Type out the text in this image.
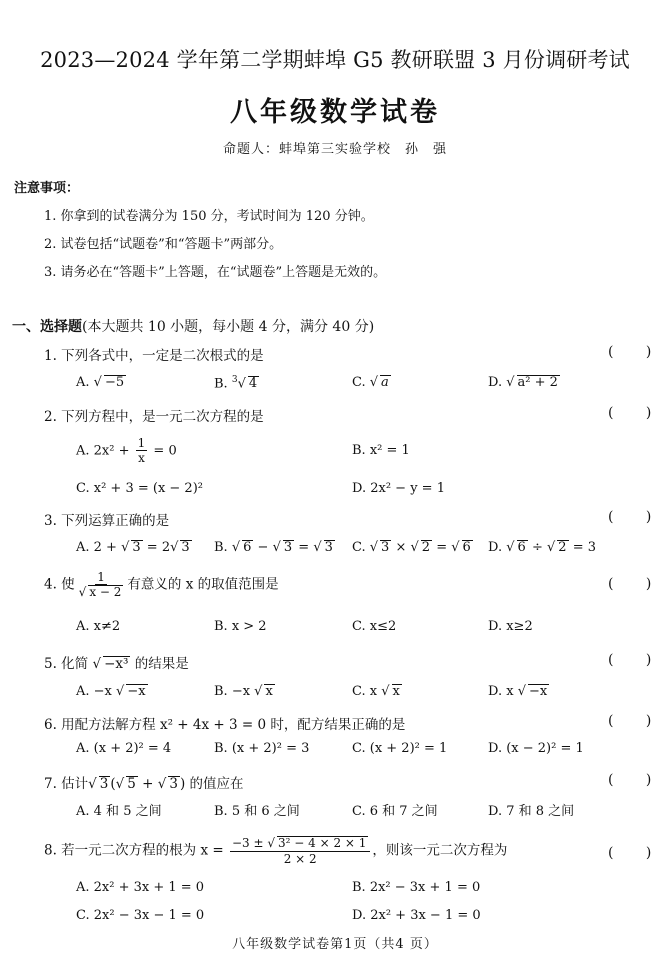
2023—2024 学年第二学期蚌埠 G5 教研联盟 3 月份调研考试
八年级数学试卷
命题人：蚌埠第三实验学校　孙　强
注意事项：
1. 你拿到的试卷满分为 150 分，考试时间为 120 分钟。
2. 试卷包括“试题卷”和“答题卡”两部分。
3. 请务必在“答题卡”上答题，在“试题卷”上答题是无效的。
一、选择题(本大题共 10 小题，每小题 4 分，满分 40 分)
1. 下列各式中，一定是二次根式的是	( )
A. √ −5	B. $^3$√ 4	C. √ a	D. √ a² + 2
2. 下列方程中，是一元二次方程的是	( )
A. $2x^2 + \frac{1}{x} = 0$	B. x² = 1
C. x² + 3 = (x − 2)²	D. 2x² − y = 1
3. 下列运算正确的是	( )
A. 2 + √ 3 = 2√ 3 B. √ 6 − √ 3 = √ 3 C. √ 3 × √ 2 = √ 6 D. √ 6 ÷ √ 2 = 3
4. 使 $\frac{1}{√ x - 2}$ 有意义的 x 的取值范围是	( )
A. x≠2	B. x > 2	C. x≤2	D. x≥2
5. 化简 √ −x³ 的结果是	( )
A. −x √ −x	B. −x √ x	C. x √ x	D. x √ −x
6. 用配方法解方程 x² + 4x + 3 = 0 时，配方结果正确的是	( )
A. (x + 2)² = 4	B. (x + 2)² = 3	C. (x + 2)² = 1	D. (x − 2)² = 1
7. 估计√ 3 (√ 5 + √ 3 ) 的值应在	( )
A. 4 和 5 之间	B. 5 和 6 之间	C. 6 和 7 之间	D. 7 和 8 之间
8. 若一元二次方程的根为 $x = \frac{\text{−3 ± √ 3² − 4 × 2 × 1}}{2 \times 2}$ ，则该一元二次方程为	( )
A. 2x² + 3x + 1 = 0	B. 2x² − 3x + 1 = 0
C. 2x² − 3x − 1 = 0	D. 2x² + 3x − 1 = 0
八年级数学试卷第1页（共4 页）
